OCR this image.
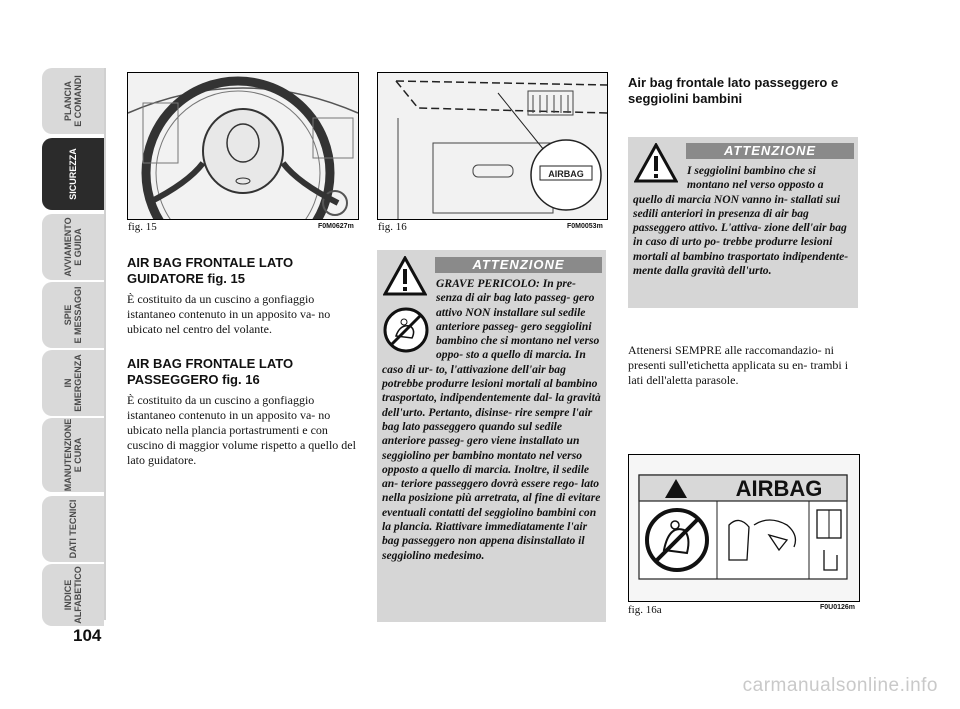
PLANCIA
E COMANDI
SICUREZZA
AVVIAMENTO
E GUIDA
SPIE
E MESSAGGI
IN
EMERGENZA
MANUTENZIONE
E CURA
DATI TECNICI
INDICE
ALFABETICO
104
fig. 15	F0M0627m
AIRBAG
fig. 16	F0M0053m
AIR BAG FRONTALE LATO GUIDATORE fig. 15
È costituito da un cuscino a gonfiaggio istantaneo contenuto in un apposito va- no ubicato nel centro del volante.
AIR BAG FRONTALE LATO PASSEGGERO fig. 16
È costituito da un cuscino a gonfiaggio istantaneo contenuto in un apposito va- no ubicato nella plancia portastrumenti e con cuscino di maggior volume rispetto a quello del lato guidatore.
ATTENZIONE
GRAVE PERICOLO: In pre- senza di air bag lato passeg- gero attivo NON installare sul sedile anteriore passeg- gero seggiolini bambino che si montano nel verso oppo- sto a quello di marcia. In caso di ur- to, l'attivazione dell'air bag potrebbe produrre lesioni mortali al bambino trasportato, indipendentemente dal- la gravità dell'urto. Pertanto, disinse- rire sempre l'air bag lato passeggero quando sul sedile anteriore passeg- gero viene installato un seggiolino per bambino montato nel verso opposto a quello di marcia. Inoltre, il sedile an- teriore passeggero dovrà essere rego- lato nella posizione più arretrata, al fine di evitare eventuali contatti del seggiolino bambini con la plancia. Riattivare immediatamente l'air bag passeggero non appena disinstallato il seggiolino medesimo.
Air bag frontale lato passeggero e seggiolini bambini
ATTENZIONE
I seggiolini bambino che si montano nel verso opposto a quello di marcia NON vanno in- stallati sui sedili anteriori in presenza di air bag passeggero attivo. L'attiva- zione dell'air bag in caso di urto po- trebbe produrre lesioni mortali al bambino trasportato indipendente- mente dalla gravità dell'urto.
Attenersi SEMPRE alle raccomandazio- ni presenti sull'etichetta applicata su en- trambi i lati dell'aletta parasole.
AIRBAG
fig. 16a	F0U0126m
carmanualsonline.info
